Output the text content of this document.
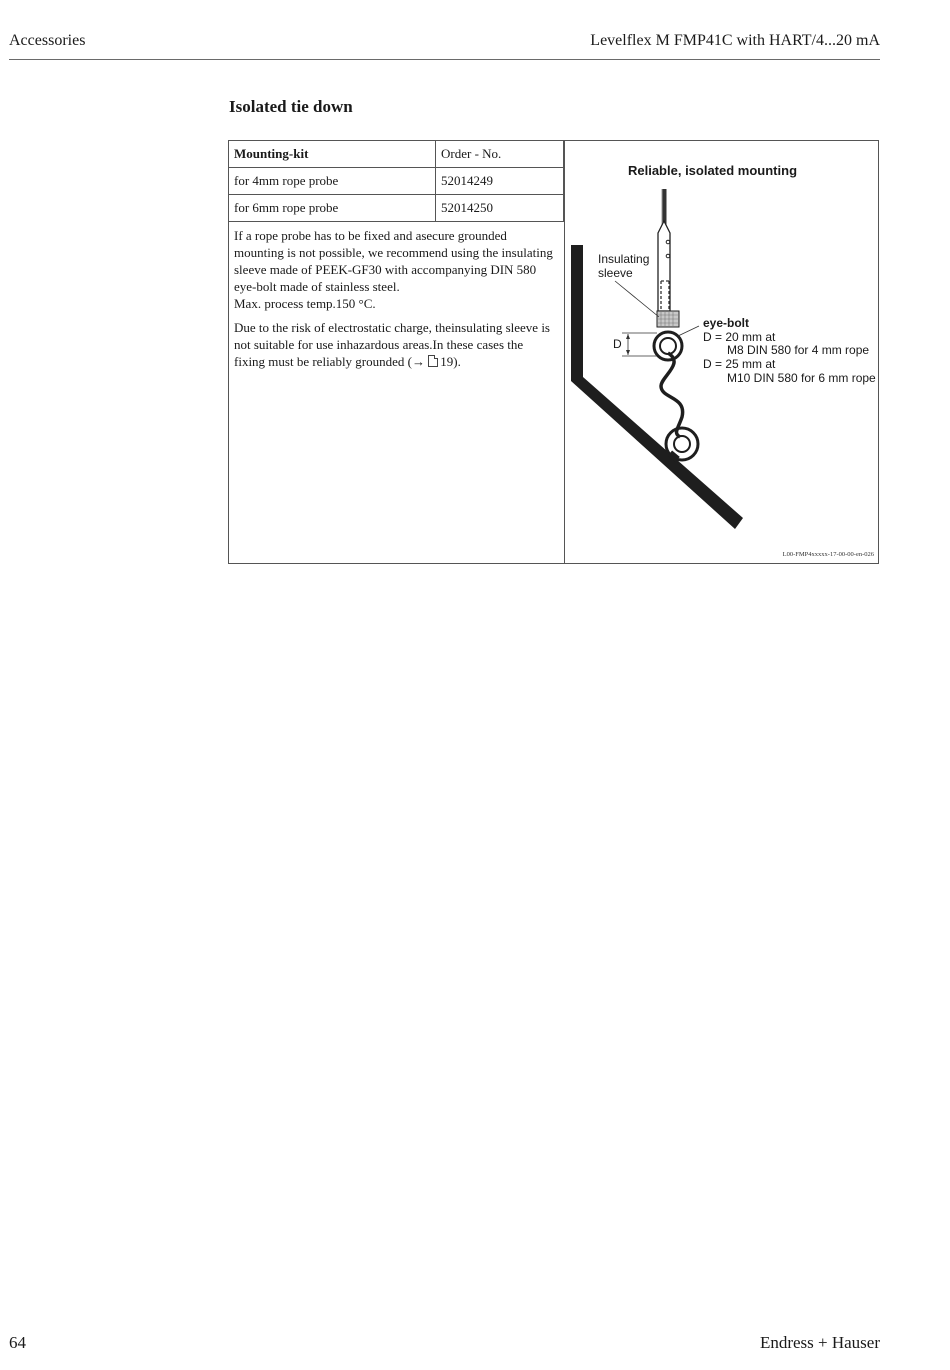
Accessories	Levelflex M FMP41C with HART/4...20 mA
Isolated tie down
Mounting-kit	Order - No.
for 4mm rope probe	52014249
for 6mm rope probe	52014250

If a rope probe has to be fixed and asecure grounded
mounting is not possible, we recommend using the insulating
sleeve made of PEEK-GF30 with accompanying DIN 580
eye-bolt made of stainless steel.
Max. process temp.150 °C.

Due to the risk of electrostatic charge, theinsulating sleeve is
not suitable for use inhazardous areas.In these cases the
fixing must be reliably grounded (→
19).

Reliable, isolated mounting
Insulating
sleeve
D
eye-bolt
D = 20 mm at
M8 DIN 580 for 4 mm rope
D = 25 mm at
M10 DIN 580 for 6 mm rope
L00-FMP4xxxxx-17-00-00-en-026
64	Endress + Hauser
